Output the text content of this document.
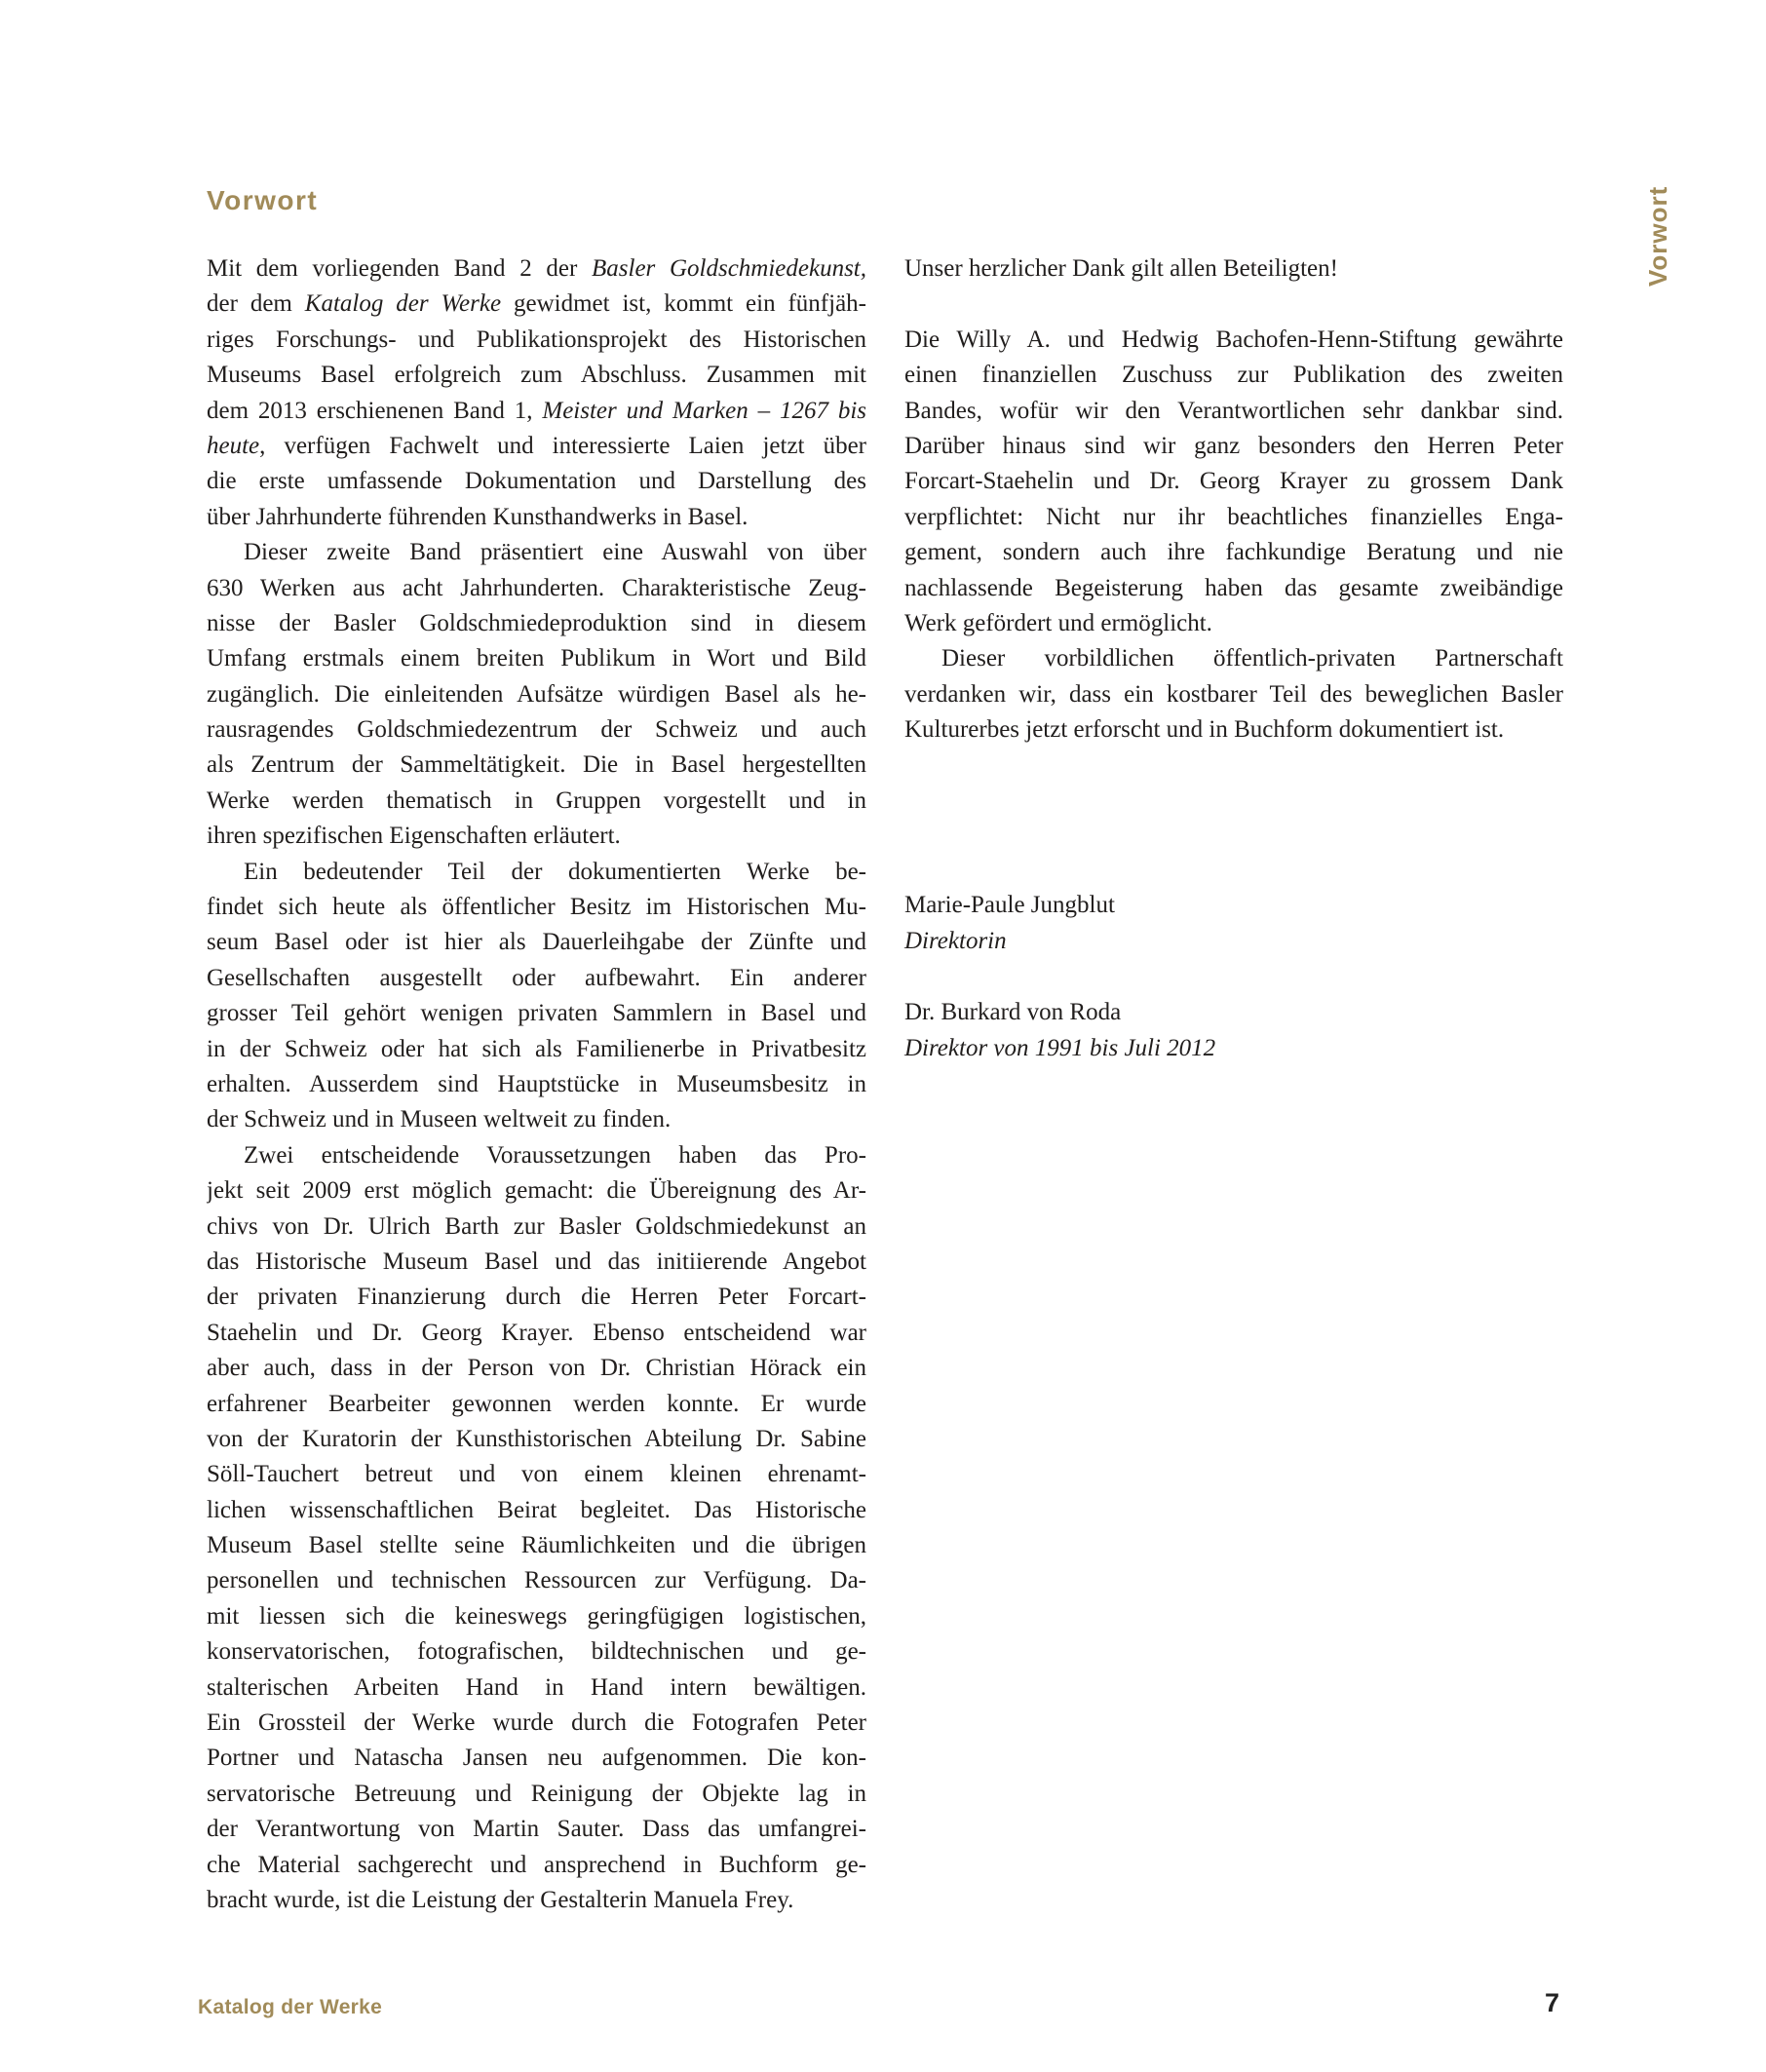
Vorwort	Vorwort
Mit dem vorliegenden Band 2 der Basler Goldschmiedekunst,
der dem Katalog der Werke gewidmet ist, kommt ein fünfjäh-
riges Forschungs- und Publikationsprojekt des Historischen
Museums Basel erfolgreich zum Abschluss. Zusammen mit
dem 2013 erschienenen Band 1, Meister und Marken – 1267 bis
heute, verfügen Fachwelt und interessierte Laien jetzt über
die erste umfassende Dokumentation und Darstellung des
über Jahrhunderte führenden Kunsthandwerks in Basel.
Dieser zweite Band präsentiert eine Auswahl von über
630 Werken aus acht Jahrhunderten. Charakteristische Zeug-
nisse der Basler Goldschmiedeproduktion sind in diesem
Umfang erstmals einem breiten Publikum in Wort und Bild
zugänglich. Die einleitenden Aufsätze würdigen Basel als he-
rausragendes Goldschmiedezentrum der Schweiz und auch
als Zentrum der Sammeltätigkeit. Die in Basel hergestellten
Werke werden thematisch in Gruppen vorgestellt und in
ihren spezifischen Eigenschaften erläutert.
Ein bedeutender Teil der dokumentierten Werke be-
findet sich heute als öffentlicher Besitz im Historischen Mu-
seum Basel oder ist hier als Dauerleihgabe der Zünfte und
Gesellschaften ausgestellt oder aufbewahrt. Ein anderer
grosser Teil gehört wenigen privaten Sammlern in Basel und
in der Schweiz oder hat sich als Familienerbe in Privatbesitz
erhalten. Ausserdem sind Hauptstücke in Museumsbesitz in
der Schweiz und in Museen weltweit zu finden.
Zwei entscheidende Voraussetzungen haben das Pro-
jekt seit 2009 erst möglich gemacht: die Übereignung des Ar-
chivs von Dr. Ulrich Barth zur Basler Goldschmiedekunst an
das Historische Museum Basel und das initiierende Angebot
der privaten Finanzierung durch die Herren Peter Forcart-
Staehelin und Dr. Georg Krayer. Ebenso entscheidend war
aber auch, dass in der Person von Dr. Christian Hörack ein
erfahrener Bearbeiter gewonnen werden konnte. Er wurde
von der Kuratorin der Kunsthistorischen Abteilung Dr. Sabine
Söll-Tauchert betreut und von einem kleinen ehrenamt-
lichen wissenschaftlichen Beirat begleitet. Das Historische
Museum Basel stellte seine Räumlichkeiten und die übrigen
personellen und technischen Ressourcen zur Verfügung. Da-
mit liessen sich die keineswegs geringfügigen logistischen,
konservatorischen, fotografischen, bildtechnischen und ge-
stalterischen Arbeiten Hand in Hand intern bewältigen.
Ein Grossteil der Werke wurde durch die Fotografen Peter
Portner und Natascha Jansen neu aufgenommen. Die kon-
servatorische Betreuung und Reinigung der Objekte lag in
der Verantwortung von Martin Sauter. Dass das umfangrei-
che Material sachgerecht und ansprechend in Buchform ge-
bracht wurde, ist die Leistung der Gestalterin Manuela Frey.
Unser herzlicher Dank gilt allen Beteiligten!
Die Willy A. und Hedwig Bachofen-Henn-Stiftung gewährte
einen finanziellen Zuschuss zur Publikation des zweiten
Bandes, wofür wir den Verantwortlichen sehr dankbar sind.
Darüber hinaus sind wir ganz besonders den Herren Peter
Forcart-Staehelin und Dr. Georg Krayer zu grossem Dank
verpflichtet: Nicht nur ihr beachtliches finanzielles Enga-
gement, sondern auch ihre fachkundige Beratung und nie
nachlassende Begeisterung haben das gesamte zweibändige
Werk gefördert und ermöglicht.
Dieser vorbildlichen öffentlich-privaten Partnerschaft
verdanken wir, dass ein kostbarer Teil des beweglichen Basler
Kulturerbes jetzt erforscht und in Buchform dokumentiert ist.
Marie-Paule Jungblut
Direktorin
Dr. Burkard von Roda
Direktor von 1991 bis Juli 2012
Katalog der Werke	7
